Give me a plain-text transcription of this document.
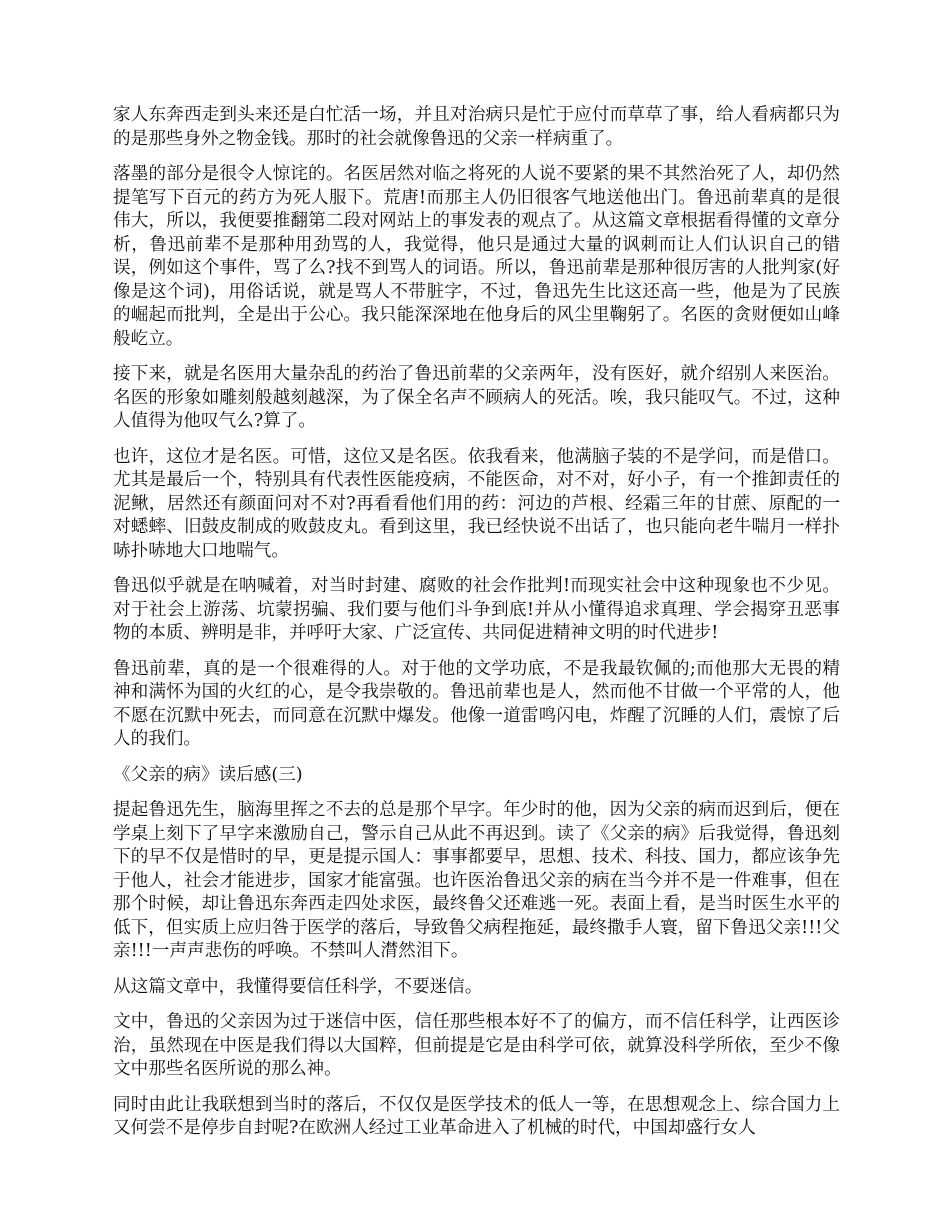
家人东奔西走到头来还是白忙活一场，并且对治病只是忙于应付而草草了事，给人看病都只为的是那些身外之物金钱。那时的社会就像鲁迅的父亲一样病重了。

落墨的部分是很令人惊诧的。名医居然对临之将死的人说不要紧的果不其然治死了人，却仍然提笔写下百元的药方为死人服下。荒唐!而那主人仍旧很客气地送他出门。鲁迅前辈真的是很伟大，所以，我便要推翻第二段对网站上的事发表的观点了。从这篇文章根据看得懂的文章分析，鲁迅前辈不是那种用劲骂的人，我觉得，他只是通过大量的讽刺而让人们认识自己的错误，例如这个事件，骂了么?找不到骂人的词语。所以，鲁迅前辈是那种很厉害的人批判家(好像是这个词)，用俗话说，就是骂人不带脏字，不过，鲁迅先生比这还高一些，他是为了民族的崛起而批判，全是出于公心。我只能深深地在他身后的风尘里鞠躬了。名医的贪财便如山峰般屹立。

接下来，就是名医用大量杂乱的药治了鲁迅前辈的父亲两年，没有医好，就介绍别人来医治。名医的形象如雕刻般越刻越深，为了保全名声不顾病人的死活。唉，我只能叹气。不过，这种人值得为他叹气么?算了。

也许，这位才是名医。可惜，这位又是名医。依我看来，他满脑子装的不是学问，而是借口。尤其是最后一个，特别具有代表性医能疫病，不能医命，对不对，好小子，有一个推卸责任的泥鳅，居然还有颜面问对不对?再看看他们用的药：河边的芦根、经霜三年的甘蔗、原配的一对蟋蟀、旧鼓皮制成的败鼓皮丸。看到这里，我已经快说不出话了，也只能向老牛喘月一样扑哧扑哧地大口地喘气。

鲁迅似乎就是在呐喊着，对当时封建、腐败的社会作批判!而现实社会中这种现象也不少见。 对于社会上游荡、坑蒙拐骗、我们要与他们斗争到底!并从小懂得追求真理、学会揭穿丑恶事物的本质、辨明是非，并呼吁大家、广泛宣传、共同促进精神文明的时代进步!

鲁迅前辈，真的是一个很难得的人。对于他的文学功底，不是我最钦佩的;而他那大无畏的精神和满怀为国的火红的心，是令我崇敬的。鲁迅前辈也是人，然而他不甘做一个平常的人，他不愿在沉默中死去，而同意在沉默中爆发。他像一道雷鸣闪电，炸醒了沉睡的人们，震惊了后人的我们。

《父亲的病》读后感(三)

提起鲁迅先生，脑海里挥之不去的总是那个早字。年少时的他，因为父亲的病而迟到后，便在学桌上刻下了早字来激励自己，警示自己从此不再迟到。读了《父亲的病》后我觉得，鲁迅刻下的早不仅是惜时的早，更是提示国人：事事都要早，思想、技术、科技、国力，都应该争先于他人，社会才能进步，国家才能富强。也许医治鲁迅父亲的病在当今并不是一件难事，但在那个时候，却让鲁迅东奔西走四处求医，最终鲁父还难逃一死。表面上看，是当时医生水平的低下，但实质上应归咎于医学的落后，导致鲁父病程拖延，最终撒手人寰，留下鲁迅父亲!!!父亲!!!一声声悲伤的呼唤。不禁叫人潸然泪下。

从这篇文章中，我懂得要信任科学，不要迷信。

文中，鲁迅的父亲因为过于迷信中医，信任那些根本好不了的偏方，而不信任科学，让西医诊治，虽然现在中医是我们得以大国粹，但前提是它是由科学可依，就算没科学所依，至少不像文中那些名医所说的那么神。

同时由此让我联想到当时的落后，不仅仅是医学技术的低人一等，在思想观念上、综合国力上又何尝不是停步自封呢?在欧洲人经过工业革命进入了机械的时代，中国却盛行女人
